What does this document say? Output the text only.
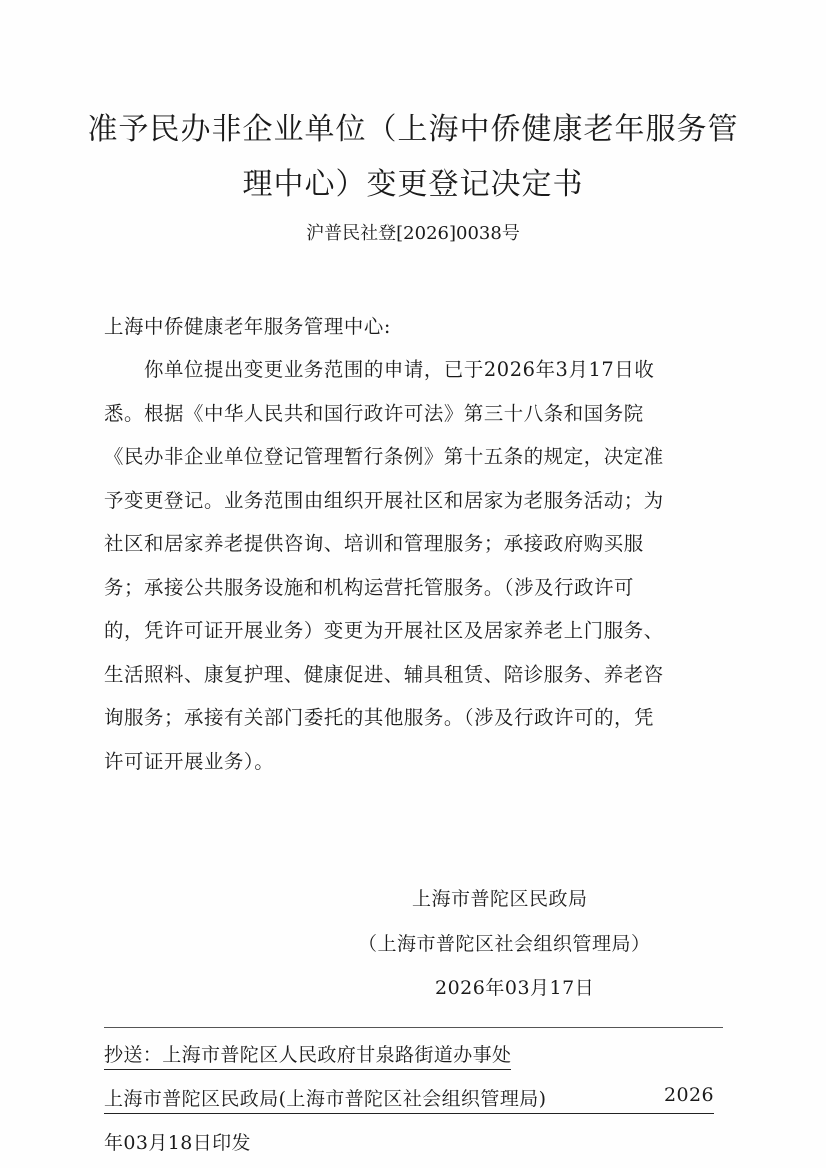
准予民办非企业单位（上海中侨健康老年服务管
理中心）变更登记决定书
沪普民社登[2026]0038号
上海中侨健康老年服务管理中心:
　　你单位提出变更业务范围的申请，已于2026年3月17日收
悉。根据《中华人民共和国行政许可法》第三十八条和国务院
《民办非企业单位登记管理暂行条例》第十五条的规定，决定准
予变更登记。业务范围由组织开展社区和居家为老服务活动；为
社区和居家养老提供咨询、培训和管理服务；承接政府购买服
务；承接公共服务设施和机构运营托管服务。（涉及行政许可
的，凭许可证开展业务）变更为开展社区及居家养老上门服务、
生活照料、康复护理、健康促进、辅具租赁、陪诊服务、养老咨
询服务；承接有关部门委托的其他服务。（涉及行政许可的，凭
许可证开展业务）。
上海市普陀区民政局
（上海市普陀区社会组织管理局）
2026年03月17日
抄送：上海市普陀区人民政府甘泉路街道办事处
上海市普陀区民政局(上海市普陀区社会组织管理局)	2026
年03月18日印发
